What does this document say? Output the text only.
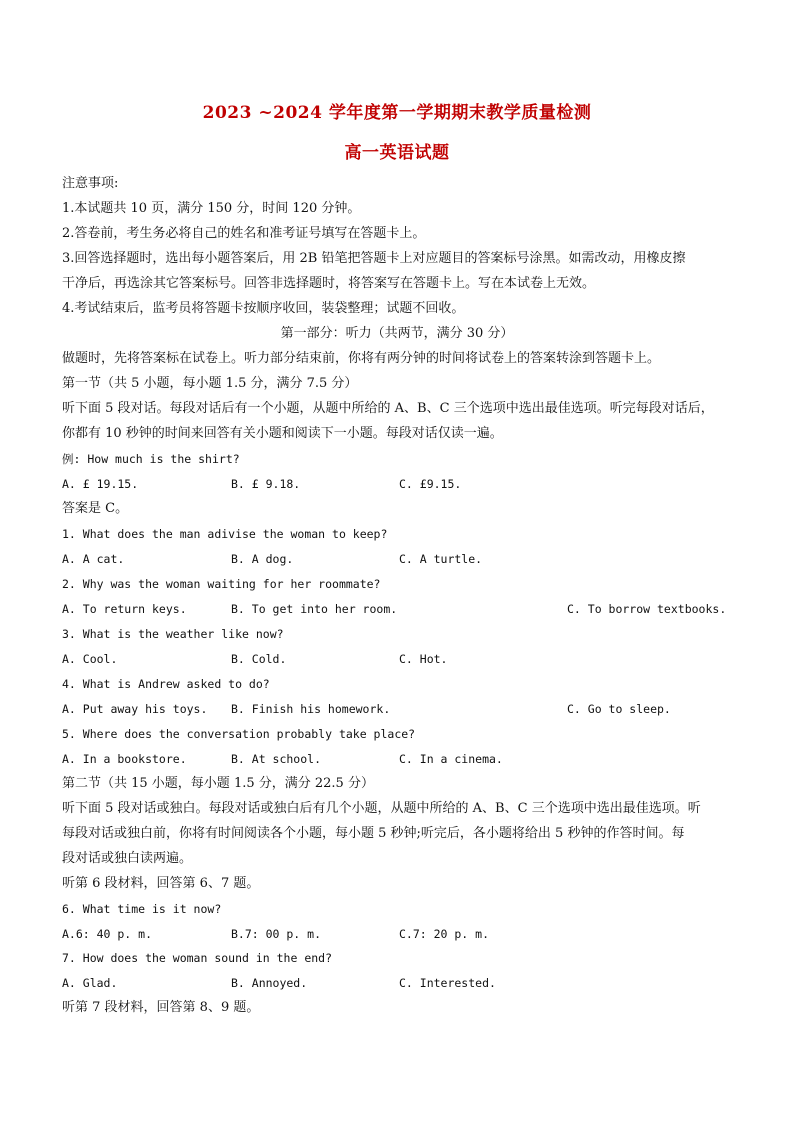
2023 ~2024 学年度第一学期期末教学质量检测
高一英语试题
注意事项:
1.本试题共 10 页，满分 150 分，时间 120 分钟。
2.答卷前，考生务必将自己的姓名和准考证号填写在答题卡上。
3.回答选择题时，选出每小题答案后，用 2B 铅笔把答题卡上对应题目的答案标号涂黑。如需改动，用橡皮擦
干净后，再选涂其它答案标号。回答非选择题时，将答案写在答题卡上。写在本试卷上无效。
4.考试结束后，监考员将答题卡按顺序收回，装袋整理；试题不回收。
第一部分：听力（共两节，满分 30 分）
做题时，先将答案标在试卷上。听力部分结束前，你将有两分钟的时间将试卷上的答案转涂到答题卡上。
第一节（共 5 小题，每小题 1.5 分，满分 7.5 分）
听下面 5 段对话。每段对话后有一个小题，从题中所给的 A、B、C 三个选项中选出最佳选项。听完每段对话后，
你都有 10 秒钟的时间来回答有关小题和阅读下一小题。每段对话仅读一遍。
例: How much is the shirt?
A. £ 19.15.	B. £ 9.18.	C. £9.15.
答案是 C。
1. What does the man adivise the woman to keep?
A. A cat.	B. A dog.	C. A turtle.
2. Why was the woman waiting for her roommate?
A. To return keys.	B. To get into her room.	C. To borrow textbooks.
3. What is the weather like now?
A. Cool.	B. Cold.	C. Hot.
4. What is Andrew asked to do?
A. Put away his toys. B. Finish his homework.	C. Go to sleep.
5. Where does the conversation probably take place?
A. In a bookstore.	B. At school.	C. In a cinema.
第二节（共 15 小题，每小题 1.5 分，满分 22.5 分）
听下面 5 段对话或独白。每段对话或独白后有几个小题，从题中所给的 A、B、C 三个选项中选出最佳选项。听
每段对话或独白前，你将有时间阅读各个小题，每小题 5 秒钟;听完后，各小题将给出 5 秒钟的作答时间。每
段对话或独白读两遍。
听第 6 段材料，回答第 6、7 题。
6. What time is it now?
A.6: 40 p. m.	B.7: 00 p. m.	C.7: 20 p. m.
7. How does the woman sound in the end?
A. Glad.	B. Annoyed.	C. Interested.
听第 7 段材料，回答第 8、9 题。
